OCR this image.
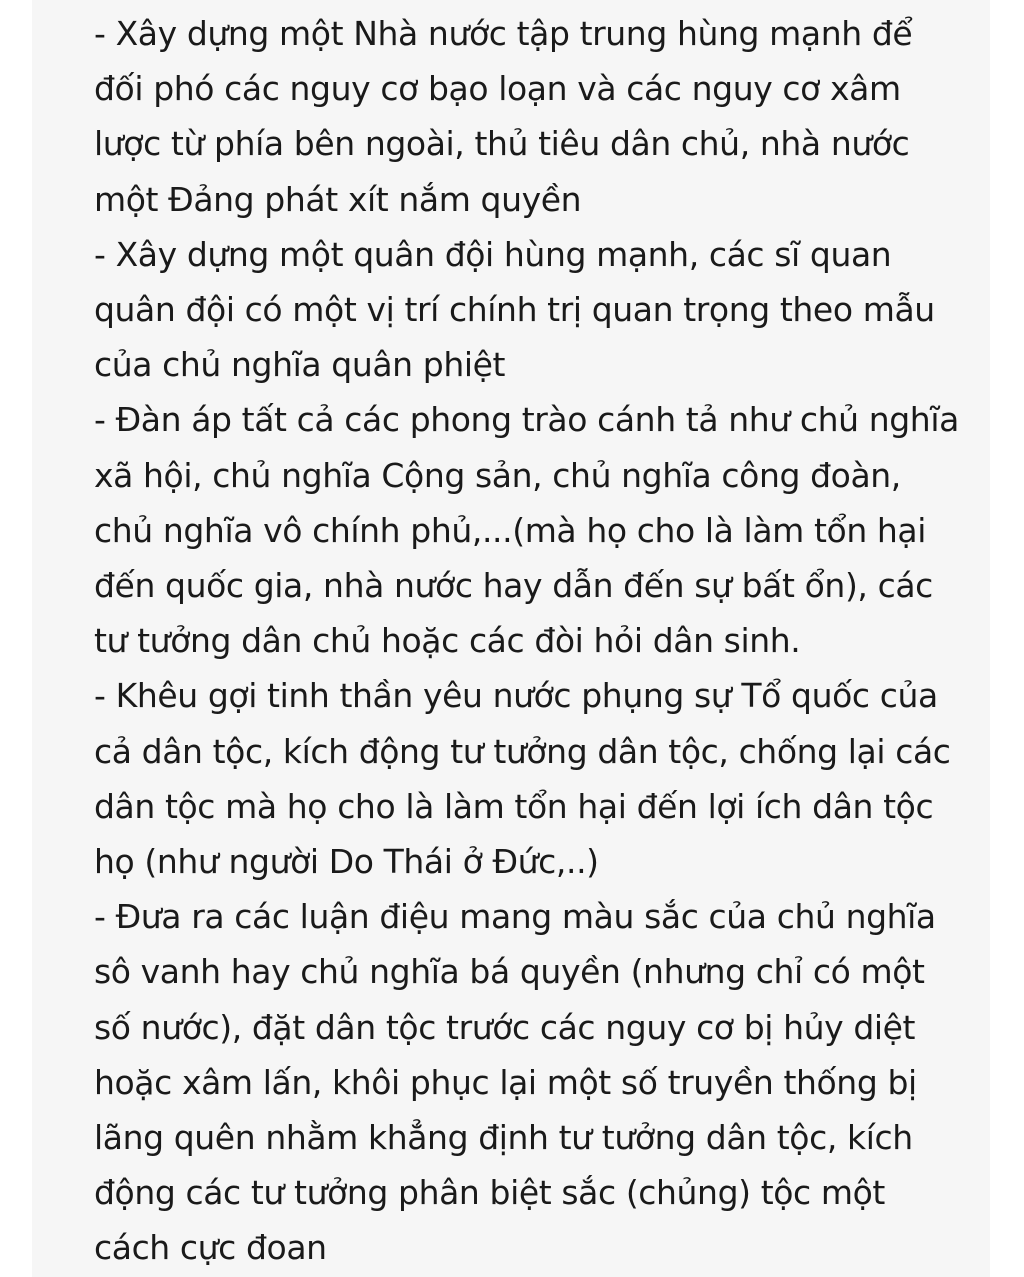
- Xây dựng một Nhà nước tập trung hùng mạnh để
đối phó các nguy cơ bạo loạn và các nguy cơ xâm
lược từ phía bên ngoài, thủ tiêu dân chủ, nhà nước
một Đảng phát xít nắm quyền
- Xây dựng một quân đội hùng mạnh, các sĩ quan
quân đội có một vị trí chính trị quan trọng theo mẫu
của chủ nghĩa quân phiệt
- Đàn áp tất cả các phong trào cánh tả như chủ nghĩa
xã hội, chủ nghĩa Cộng sản, chủ nghĩa công đoàn,
chủ nghĩa vô chính phủ,...(mà họ cho là làm tổn hại
đến quốc gia, nhà nước hay dẫn đến sự bất ổn), các
tư tưởng dân chủ hoặc các đòi hỏi dân sinh.
- Khêu gợi tinh thần yêu nước phụng sự Tổ quốc của
cả dân tộc, kích động tư tưởng dân tộc, chống lại các
dân tộc mà họ cho là làm tổn hại đến lợi ích dân tộc
họ (như người Do Thái ở Đức,..)
- Đưa ra các luận điệu mang màu sắc của chủ nghĩa
sô vanh hay chủ nghĩa bá quyền (nhưng chỉ có một
số nước), đặt dân tộc trước các nguy cơ bị hủy diệt
hoặc xâm lấn, khôi phục lại một số truyền thống bị
lãng quên nhằm khẳng định tư tưởng dân tộc, kích
động các tư tưởng phân biệt sắc (chủng) tộc một
cách cực đoan
